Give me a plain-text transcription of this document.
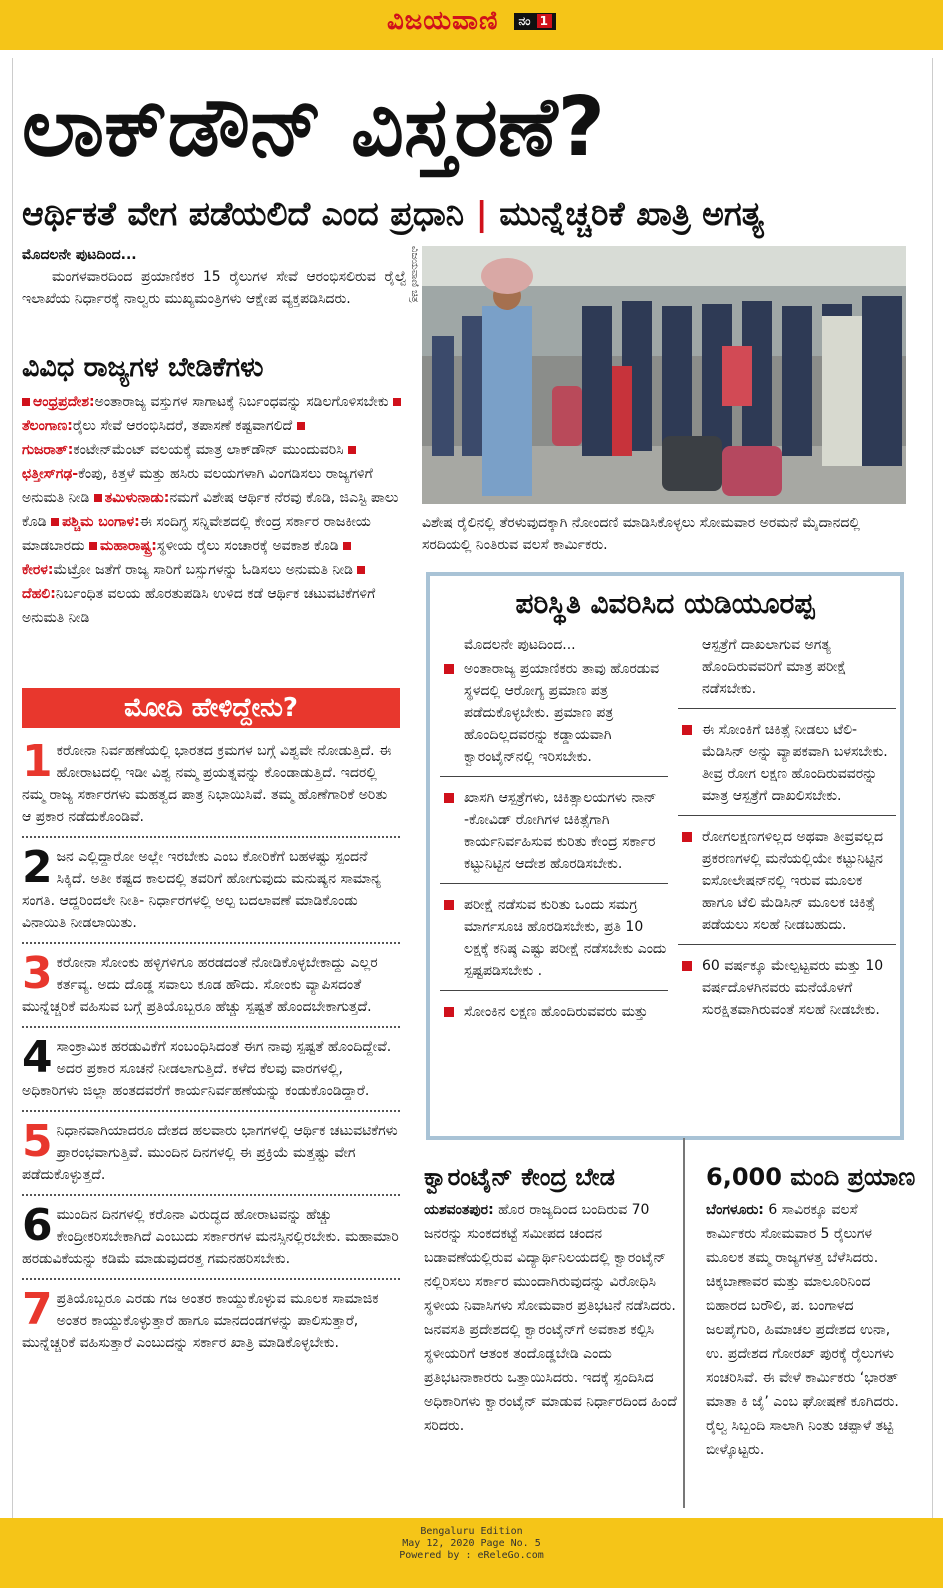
ವಿಜಯವಾಣಿ ನಂ 1
ಲಾಕ್‌ಡೌನ್ ವಿಸ್ತರಣೆ?
ಆರ್ಥಿಕತೆ ವೇಗ ಪಡೆಯಲಿದೆ ಎಂದ ಪ್ರಧಾನಿ | ಮುನ್ನೆಚ್ಚರಿಕೆ ಖಾತ್ರಿ ಅಗತ್ಯ
ಮೊದಲನೇ ಪುಟದಿಂದ...

ಮಂಗಳವಾರದಿಂದ ಪ್ರಯಾಣಿಕರ 15 ರೈಲುಗಳ ಸೇವೆ ಆರಂಭಿಸಲಿರುವ ರೈಲ್ವೆ ಇಲಾಖೆಯ ನಿರ್ಧಾರಕ್ಕೆ ನಾಲ್ವರು ಮುಖ್ಯಮಂತ್ರಿಗಳು ಆಕ್ಷೇಪ ವ್ಯಕ್ತಪಡಿಸಿದರು.

ವಿವಿಧ ರಾಜ್ಯಗಳ ಬೇಡಿಕೆಗಳು
ಆಂಧ್ರಪ್ರದೇಶ:ಅಂತಾರಾಜ್ಯ ವಸ್ತುಗಳ ಸಾಗಾಟಕ್ಕೆ ನಿರ್ಬಂಧವನ್ನು ಸಡಿಲಗೊಳಿಸಬೇಕು ತೆಲಂಗಾಣ:ರೈಲು ಸೇವೆ ಆರಂಭಿಸಿದರೆ, ತಪಾಸಣೆ ಕಷ್ಟವಾಗಲಿದೆ ಗುಜರಾತ್:ಕಂಟೇನ್‌ಮೆಂಟ್ ವಲಯಕ್ಕೆ ಮಾತ್ರ ಲಾಕ್‌ಡೌನ್ ಮುಂದುವರಿಸಿ ಛತ್ತೀಸ್‌ಗಢ-ಕೆಂಪು, ಕಿತ್ತಳೆ ಮತ್ತು ಹಸಿರು ವಲಯಗಳಾಗಿ ವಿಂಗಡಿಸಲು ರಾಜ್ಯಗಳಿಗೆ ಅನುಮತಿ ನೀಡಿ ತಮಿಳುನಾಡು:ನಮಗೆ ವಿಶೇಷ ಆರ್ಥಿಕ ನೆರವು ಕೊಡಿ, ಜಿಎಸ್ಟಿ ಪಾಲು ಕೊಡಿ ಪಶ್ಚಿಮ ಬಂಗಾಳ:ಈ ಸಂದಿಗ್ಧ ಸನ್ನಿವೇಶದಲ್ಲಿ ಕೇಂದ್ರ ಸರ್ಕಾರ ರಾಜಕೀಯ ಮಾಡಬಾರದು ಮಹಾರಾಷ್ಟ್ರ:ಸ್ಥಳೀಯ ರೈಲು ಸಂಚಾರಕ್ಕೆ ಅವಕಾಶ ಕೊಡಿ ಕೇರಳ:ಮೆಟ್ರೋ ಜತೆಗೆ ರಾಜ್ಯ ಸಾರಿಗೆ ಬಸ್ಸುಗಳನ್ನು ಓಡಿಸಲು ಅನುಮತಿ ನೀಡಿ ದೆಹಲಿ:ನಿರ್ಬಂಧಿತ ವಲಯ ಹೊರತುಪಡಿಸಿ ಉಳಿದ ಕಡೆ ಆರ್ಥಿಕ ಚಟುವಟಿಕೆಗಳಿಗೆ ಅನುಮತಿ ನೀಡಿ
ಮೋದಿ ಹೇಳಿದ್ದೇನು?
1 ಕರೋನಾ ನಿರ್ವಹಣೆಯಲ್ಲಿ ಭಾರತದ ಕ್ರಮಗಳ ಬಗ್ಗೆ ವಿಶ್ವವೇ ನೋಡುತ್ತಿದೆ. ಈ ಹೋರಾಟದಲ್ಲಿ ಇಡೀ ವಿಶ್ವ ನಮ್ಮ ಪ್ರಯತ್ನವನ್ನು ಕೊಂಡಾಡುತ್ತಿದೆ. ಇದರಲ್ಲಿ ನಮ್ಮ ರಾಜ್ಯ ಸರ್ಕಾರಗಳು ಮಹತ್ವದ ಪಾತ್ರ ನಿಭಾಯಿಸಿವೆ. ತಮ್ಮ ಹೊಣೆಗಾರಿಕೆ ಅರಿತು ಆ ಪ್ರಕಾರ ನಡೆದುಕೊಂಡಿವೆ.
2 ಜನ ಎಲ್ಲಿದ್ದಾರೋ ಅಲ್ಲೇ ಇರಬೇಕು ಎಂಬ ಕೋರಿಕೆಗೆ ಬಹಳಷ್ಟು ಸ್ಪಂದನೆ ಸಿಕ್ಕಿದೆ. ಅತೀ ಕಷ್ಟದ ಕಾಲದಲ್ಲಿ ತವರಿಗೆ ಹೋಗುವುದು ಮನುಷ್ಯನ ಸಾಮಾನ್ಯ ಸಂಗತಿ. ಆದ್ದರಿಂದಲೇ ನೀತಿ- ನಿರ್ಧಾರಗಳಲ್ಲಿ ಅಲ್ಪ ಬದಲಾವಣೆ ಮಾಡಿಕೊಂಡು ವಿನಾಯಿತಿ ನೀಡಲಾಯಿತು.
3 ಕರೋನಾ ಸೋಂಕು ಹಳ್ಳಿಗಳಿಗೂ ಹರಡದಂತೆ ನೋಡಿಕೊಳ್ಳಬೇಕಾದ್ದು ಎಲ್ಲರ ಕರ್ತವ್ಯ. ಅದು ದೊಡ್ಡ ಸವಾಲು ಕೂಡ ಹೌದು. ಸೋಂಕು ವ್ಯಾಪಿಸದಂತೆ ಮುನ್ನೆಚ್ಚರಿಕೆ ವಹಿಸುವ ಬಗ್ಗೆ ಪ್ರತಿಯೊಬ್ಬರೂ ಹೆಚ್ಚು ಸ್ಪಷ್ಟತೆ ಹೊಂದಬೇಕಾಗುತ್ತದೆ.
4 ಸಾಂಕ್ರಾಮಿಕ ಹರಡುವಿಕೆಗೆ ಸಂಬಂಧಿಸಿದಂತೆ ಈಗ ನಾವು ಸ್ಪಷ್ಟತೆ ಹೊಂದಿದ್ದೇವೆ. ಅದರ ಪ್ರಕಾರ ಸೂಚನೆ ನೀಡಲಾಗುತ್ತಿದೆ. ಕಳೆದ ಕೆಲವು ವಾರಗಳಲ್ಲಿ, ಅಧಿಕಾರಿಗಳು ಜಿಲ್ಲಾ ಹಂತದವರೆಗೆ ಕಾರ್ಯನಿರ್ವಹಣೆಯನ್ನು ಕಂಡುಕೊಂಡಿದ್ದಾರೆ.
5 ನಿಧಾನವಾಗಿಯಾದರೂ ದೇಶದ ಹಲವಾರು ಭಾಗಗಳಲ್ಲಿ ಆರ್ಥಿಕ ಚಟುವಟಿಕೆಗಳು ಪ್ರಾರಂಭವಾಗುತ್ತಿವೆ. ಮುಂದಿನ ದಿನಗಳಲ್ಲಿ ಈ ಪ್ರಕ್ರಿಯೆ ಮತ್ತಷ್ಟು ವೇಗ ಪಡೆದುಕೊಳ್ಳುತ್ತದೆ.
6 ಮುಂದಿನ ದಿನಗಳಲ್ಲಿ ಕರೊನಾ ವಿರುದ್ಧದ ಹೋರಾಟವನ್ನು ಹೆಚ್ಚು ಕೇಂದ್ರೀಕರಿಸಬೇಕಾಗಿದೆ ಎಂಬುದು ಸರ್ಕಾರಗಳ ಮನಸ್ಸಿನಲ್ಲಿರಬೇಕು. ಮಹಾಮಾರಿ ಹರಡುವಿಕೆಯನ್ನು ಕಡಿಮೆ ಮಾಡುವುದರತ್ತ ಗಮನಹರಿಸಬೇಕು.
7 ಪ್ರತಿಯೊಬ್ಬರೂ ಎರಡು ಗಜ ಅಂತರ ಕಾಯ್ದುಕೊಳ್ಳುವ ಮೂಲಕ ಸಾಮಾಜಿಕ ಅಂತರ ಕಾಯ್ದುಕೊಳ್ಳುತ್ತಾರೆ ಹಾಗೂ ಮಾನದಂಡಗಳನ್ನು ಪಾಲಿಸುತ್ತಾರೆ, ಮುನ್ನೆಚ್ಚರಿಕೆ ವಹಿಸುತ್ತಾರೆ ಎಂಬುದನ್ನು ಸರ್ಕಾರ ಖಾತ್ರಿ ಮಾಡಿಕೊಳ್ಳಬೇಕು.
ವಿಜಯವಾಣಿ ಚಿತ್ರ
ವಿಶೇಷ ರೈಲಿನಲ್ಲಿ ತೆರಳುವುದಕ್ಕಾಗಿ ನೋಂದಣಿ ಮಾಡಿಸಿಕೊಳ್ಳಲು ಸೋಮವಾರ ಅರಮನೆ ಮೈದಾನದಲ್ಲಿ ಸರದಿಯಲ್ಲಿ ನಿಂತಿರುವ ವಲಸೆ ಕಾರ್ಮಿಕರು.
ಪರಿಸ್ಥಿತಿ ವಿವರಿಸಿದ ಯಡಿಯೂರಪ್ಪ
ಮೊದಲನೇ ಪುಟದಿಂದ...
ಅಂತಾರಾಜ್ಯ ಪ್ರಯಾಣಿಕರು ತಾವು ಹೊರಡುವ ಸ್ಥಳದಲ್ಲಿ ಆರೋಗ್ಯ ಪ್ರಮಾಣ ಪತ್ರ ಪಡೆದುಕೊಳ್ಳಬೇಕು. ಪ್ರಮಾಣ ಪತ್ರ ಹೊಂದಿಲ್ಲದವರನ್ನು ಕಡ್ಡಾಯವಾಗಿ ಕ್ವಾರಂಟೈನ್‌ನಲ್ಲಿ ಇರಿಸಬೇಕು.
ಖಾಸಗಿ ಆಸ್ಪತ್ರೆಗಳು, ಚಿಕಿತ್ಸಾಲಯಗಳು ನಾನ್ -ಕೋವಿಡ್ ರೋಗಿಗಳ ಚಿಕಿತ್ಸೆಗಾಗಿ ಕಾರ್ಯನಿರ್ವಹಿಸುವ ಕುರಿತು ಕೇಂದ್ರ ಸರ್ಕಾರ ಕಟ್ಟುನಿಟ್ಟಿನ ಆದೇಶ ಹೊರಡಿಸಬೇಕು.
ಪರೀಕ್ಷೆ ನಡೆಸುವ ಕುರಿತು ಒಂದು ಸಮಗ್ರ ಮಾರ್ಗಸೂಚಿ ಹೊರಡಿಸಬೇಕು, ಪ್ರತಿ 10 ಲಕ್ಷಕ್ಕೆ ಕನಿಷ್ಠ ಎಷ್ಟು ಪರೀಕ್ಷೆ ನಡೆಸಬೇಕು ಎಂದು ಸ್ಪಷ್ಟಪಡಿಸಬೇಕು .
ಸೋಂಕಿನ ಲಕ್ಷಣ ಹೊಂದಿರುವವರು ಮತ್ತು
ಆಸ್ಪತ್ರೆಗೆ ದಾಖಲಾಗುವ ಅಗತ್ಯ ಹೊಂದಿರುವವರಿಗೆ ಮಾತ್ರ ಪರೀಕ್ಷೆ ನಡೆಸಬೇಕು.
ಈ ಸೋಂಕಿಗೆ ಚಿಕಿತ್ಸೆ ನೀಡಲು ಟೆಲಿ-ಮೆಡಿಸಿನ್ ಅನ್ನು ವ್ಯಾಪಕವಾಗಿ ಬಳಸಬೇಕು. ತೀವ್ರ ರೋಗ ಲಕ್ಷಣ ಹೊಂದಿರುವವರನ್ನು ಮಾತ್ರ ಆಸ್ಪತ್ರೆಗೆ ದಾಖಲಿಸಬೇಕು.
ರೋಗಲಕ್ಷಣಗಳಿಲ್ಲದ ಅಥವಾ ತೀವ್ರವಲ್ಲದ ಪ್ರಕರಣಗಳಲ್ಲಿ ಮನೆಯಲ್ಲಿಯೇ ಕಟ್ಟುನಿಟ್ಟಿನ ಐಸೋಲೇಷನ್‌ನಲ್ಲಿ ಇರುವ ಮೂಲಕ ಹಾಗೂ ಟೆಲಿ ಮೆಡಿಸಿನ್ ಮೂಲಕ ಚಿಕಿತ್ಸೆ ಪಡೆಯಲು ಸಲಹೆ ನೀಡಬಹುದು.
60 ವರ್ಷಕ್ಕೂ ಮೇಲ್ಪಟ್ಟವರು ಮತ್ತು 10 ವರ್ಷದೊಳಗಿನವರು ಮನೆಯೊಳಗೆ ಸುರಕ್ಷಿತವಾಗಿರುವಂತೆ ಸಲಹೆ ನೀಡಬೇಕು.
ಕ್ವಾರಂಟೈನ್ ಕೇಂದ್ರ ಬೇಡ
ಯಶವಂತಪುರ: ಹೊರ ರಾಜ್ಯದಿಂದ ಬಂದಿರುವ 70 ಜನರನ್ನು ಸುಂಕದಕಟ್ಟೆ ಸಮೀಪದ ಚಂದನ ಬಡಾವಣೆಯಲ್ಲಿರುವ ವಿದ್ಯಾರ್ಥಿನಿಲಯದಲ್ಲಿ ಕ್ವಾರಂಟೈನ್ ನಲ್ಲಿರಿಸಲು ಸರ್ಕಾರ ಮುಂದಾಗಿರುವುದನ್ನು ವಿರೋಧಿಸಿ ಸ್ಥಳೀಯ ನಿವಾಸಿಗಳು ಸೋಮವಾರ ಪ್ರತಿಭಟನೆ ನಡೆಸಿದರು. ಜನವಸತಿ ಪ್ರದೇಶದಲ್ಲಿ ಕ್ವಾರಂಟೈನ್‌ಗೆ ಅವಕಾಶ ಕಲ್ಪಿಸಿ ಸ್ಥಳೀಯರಿಗೆ ಆತಂಕ ತಂದೊಡ್ಡಬೇಡಿ ಎಂದು ಪ್ರತಿಭಟನಾಕಾರರು ಒತ್ತಾಯಿಸಿದರು. ಇದಕ್ಕೆ ಸ್ಪಂದಿಸಿದ ಅಧಿಕಾರಿಗಳು ಕ್ವಾರಂಟೈನ್ ಮಾಡುವ ನಿರ್ಧಾರದಿಂದ ಹಿಂದೆ ಸರಿದರು.
6,000 ಮಂದಿ ಪ್ರಯಾಣ
ಬೆಂಗಳೂರು: 6 ಸಾವಿರಕ್ಕೂ ವಲಸೆ ಕಾರ್ಮಿಕರು ಸೋಮವಾರ 5 ರೈಲುಗಳ ಮೂಲಕ ತಮ್ಮ ರಾಜ್ಯಗಳತ್ತ ಬೆಳೆಸಿದರು. ಚಿಕ್ಕಬಾಣಾವರ ಮತ್ತು ಮಾಲೂರಿನಿಂದ ಬಿಹಾರದ ಬರೌಲಿ, ಪ. ಬಂಗಾಳದ ಜಲಪೈಗುರಿ, ಹಿಮಾಚಲ ಪ್ರದೇಶದ ಉನಾ, ಉ. ಪ್ರದೇಶದ ಗೋರಖ್ ಪುರಕ್ಕೆ ರೈಲುಗಳು ಸಂಚರಿಸಿವೆ. ಈ ವೇಳೆ ಕಾರ್ಮಿಕರು ‘ಭಾರತ್ ಮಾತಾ ಕಿ ಜೈ’ ಎಂಬ ಘೋಷಣೆ ಕೂಗಿದರು. ರೈಲ್ವ ಸಿಬ್ಬಂದಿ ಸಾಲಾಗಿ ನಿಂತು ಚಪ್ಪಾಳೆ ತಟ್ಟಿ ಬೀಳ್ಕೊಟ್ಟರು.
Bengaluru Edition
May 12, 2020 Page No. 5
Powered by : eReleGo.com
